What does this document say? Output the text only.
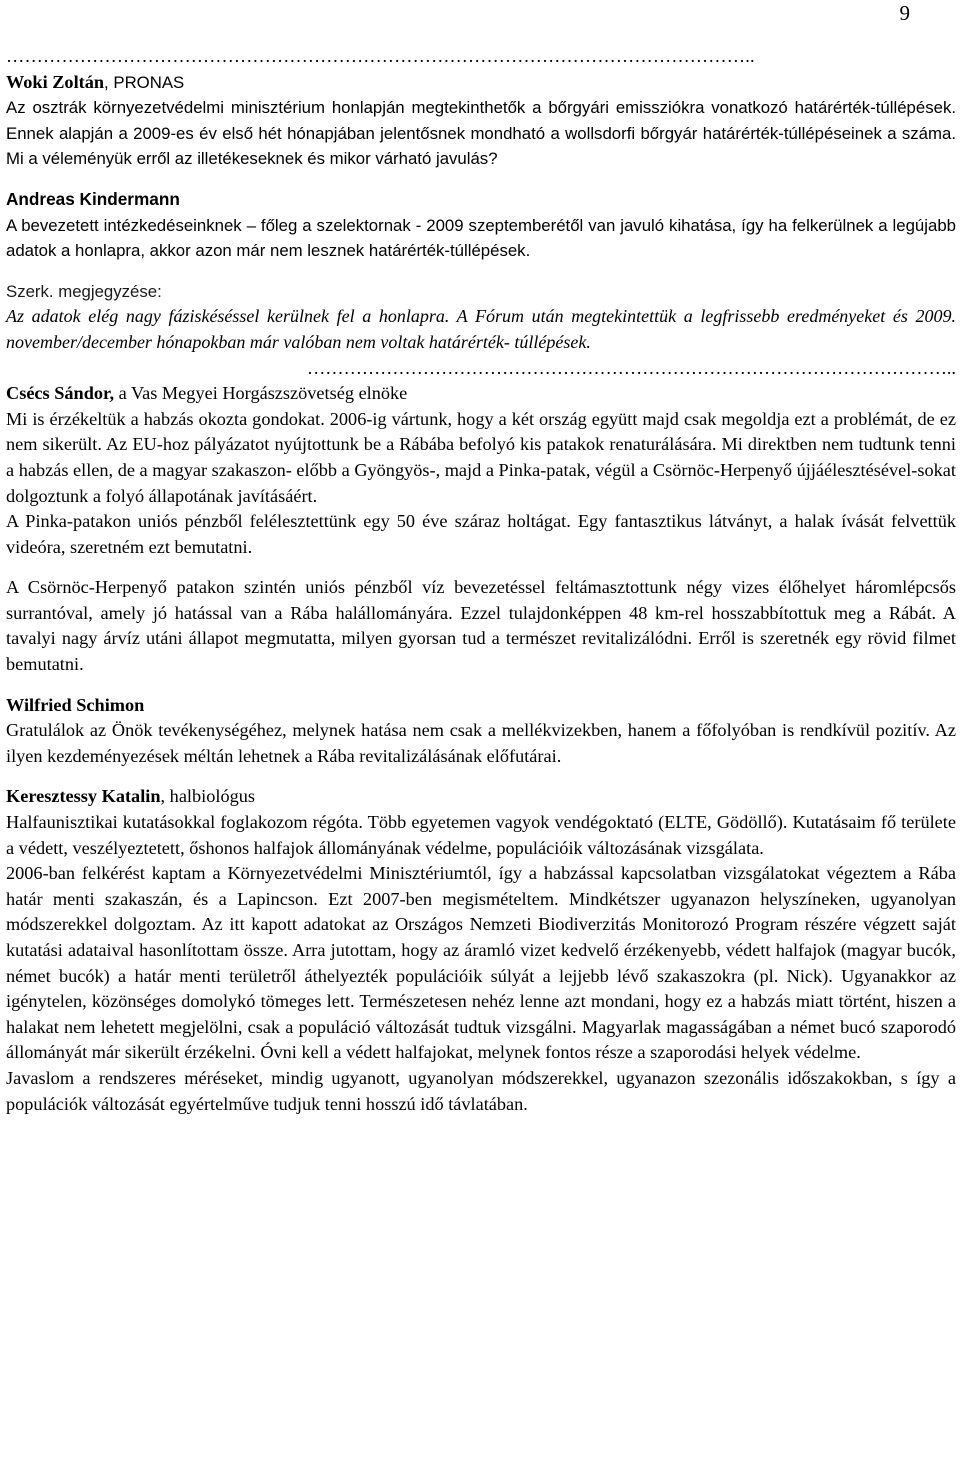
9

…………………………………………………………………………………………………………..

Woki Zoltán, PRONAS

Az osztrák környezetvédelmi minisztérium honlapján megtekinthetők a bőrgyári emissziókra vonatkozó határérték-túllépések. Ennek alapján a 2009-es év első hét hónapjában jelentősnek mondható a wollsdorfi bőrgyár határérték-túllépéseinek a száma. Mi a véleményük erről az illetékeseknek és mikor várható javulás?

Andreas Kindermann

A bevezetett intézkedéseinknek – főleg a szelektornak - 2009 szeptemberétől van javuló kihatása, így ha felkerülnek a legújabb adatok a honlapra, akkor azon már nem lesznek határérték-túllépések.

Szerk. megjegyzése:

Az adatok elég nagy fáziskéséssel kerülnek fel a honlapra. A Fórum után megtekintettük a legfrissebb eredményeket és 2009. november/december hónapokban már valóban nem voltak határérték- túllépések.

……………………………………………………………………………………………..

Csécs Sándor, a Vas Megyei Horgászszövetség elnöke

Mi is érzékeltük a habzás okozta gondokat. 2006-ig vártunk, hogy a két ország együtt majd csak megoldja ezt a problémát, de ez nem sikerült. Az EU-hoz pályázatot nyújtottunk be a Rábába befolyó kis patakok renaturálására. Mi direktben nem tudtunk tenni a habzás ellen, de a magyar szakaszon- előbb a Gyöngyös-, majd a Pinka-patak, végül a Csörnöc-Herpenyő újjáélesztésével-sokat dolgoztunk a folyó állapotának javításáért.

A Pinka-patakon uniós pénzből felélesztettünk egy 50 éve száraz holtágat. Egy fantasztikus látványt, a halak ívását felvettük videóra, szeretném ezt bemutatni.

A Csörnöc-Herpenyő patakon szintén uniós pénzből víz bevezetéssel feltámasztottunk négy vizes élőhelyet háromlépcsős surrantóval, amely jó hatással van a Rába halállományára. Ezzel tulajdonképpen 48 km-rel hosszabbítottuk meg a Rábát. A tavalyi nagy árvíz utáni állapot megmutatta, milyen gyorsan tud a természet revitalizálódni. Erről is szeretnék egy rövid filmet bemutatni.

Wilfried Schimon

Gratulálok az Önök tevékenységéhez, melynek hatása nem csak a mellékvizekben, hanem a főfolyóban is rendkívül pozitív. Az ilyen kezdeményezések méltán lehetnek a Rába revitalizálásának előfutárai.

Keresztessy Katalin, halbiológus

Halfaunisztikai kutatásokkal foglakozom régóta. Több egyetemen vagyok vendégoktató (ELTE, Gödöllő). Kutatásaim fő területe a védett, veszélyeztetett, őshonos halfajok állományának védelme, populációik változásának vizsgálata.

2006-ban felkérést kaptam a Környezetvédelmi Minisztériumtól, így a habzással kapcsolatban vizsgálatokat végeztem a Rába határ menti szakaszán, és a Lapincson. Ezt 2007-ben megismételtem. Mindkétszer ugyanazon helyszíneken, ugyanolyan módszerekkel dolgoztam. Az itt kapott adatokat az Országos Nemzeti Biodiverzitás Monitorozó Program részére végzett saját kutatási adataival hasonlítottam össze. Arra jutottam, hogy az áramló vizet kedvelő érzékenyebb, védett halfajok (magyar bucók, német bucók) a határ menti területről áthelyezték populációik súlyát a lejjebb lévő szakaszokra (pl. Nick). Ugyanakkor az igénytelen, közönséges domolykó tömeges lett. Természetesen nehéz lenne azt mondani, hogy ez a habzás miatt történt, hiszen a halakat nem lehetett megjelölni, csak a populáció változását tudtuk vizsgálni. Magyarlak magasságában a német bucó szaporodó állományát már sikerült érzékelni. Óvni kell a védett halfajokat, melynek fontos része a szaporodási helyek védelme.

Javaslom a rendszeres méréseket, mindig ugyanott, ugyanolyan módszerekkel, ugyanazon szezonális időszakokban, s így a populációk változását egyértelműve tudjuk tenni hosszú idő távlatában.
